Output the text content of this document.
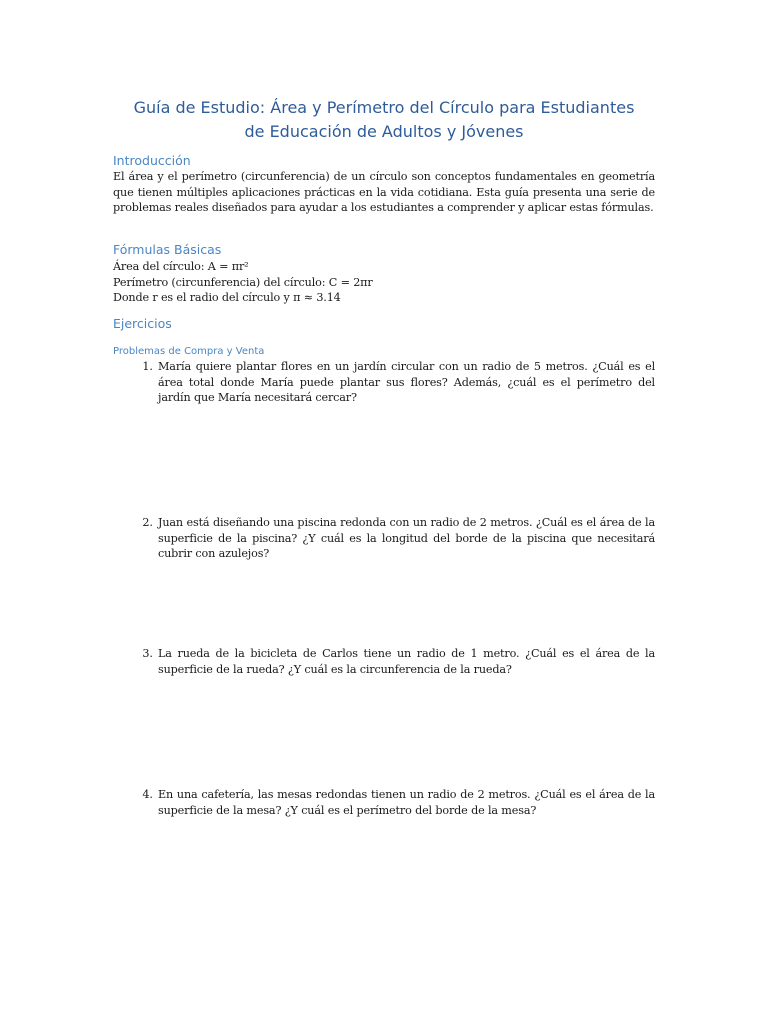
Guía de Estudio: Área y Perímetro del Círculo para Estudiantes
de Educación de Adultos y Jóvenes
Introducción

El área y el perímetro (circunferencia) de un círculo son conceptos fundamentales en geometría que tienen múltiples aplicaciones prácticas en la vida cotidiana. Esta guía presenta una serie de problemas reales diseñados para ayudar a los estudiantes a comprender y aplicar estas fórmulas.

Fórmulas Básicas
Área del círculo: A = πr²
Perímetro (circunferencia) del círculo: C = 2πr
Donde r es el radio del círculo y π ≈ 3.14
Ejercicios
Problemas de Compra y Venta
1. María quiere plantar flores en un jardín circular con un radio de 5 metros. ¿Cuál es el área total donde María puede plantar sus flores? Además, ¿cuál es el perímetro del jardín que María necesitará cercar?
2. Juan está diseñando una piscina redonda con un radio de 2 metros. ¿Cuál es el área de la superficie de la piscina? ¿Y cuál es la longitud del borde de la piscina que necesitará cubrir con azulejos?
3. La rueda de la bicicleta de Carlos tiene un radio de 1 metro. ¿Cuál es el área de la superficie de la rueda? ¿Y cuál es la circunferencia de la rueda?
4. En una cafetería, las mesas redondas tienen un radio de 2 metros. ¿Cuál es el área de la superficie de la mesa? ¿Y cuál es el perímetro del borde de la mesa?
